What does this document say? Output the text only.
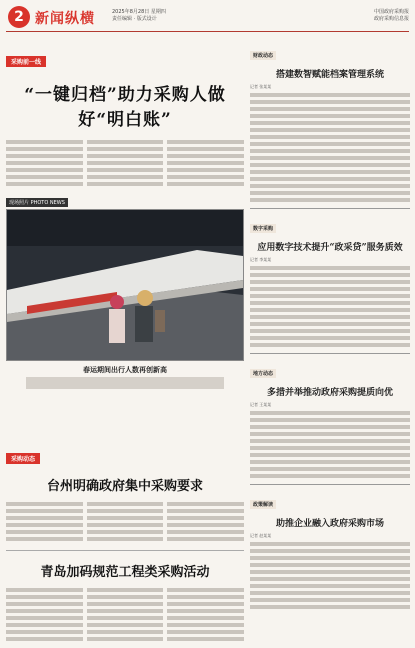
2 新闻纵横	2025年8月28日 星期四
责任编辑 · 版式设计
中国政府采购报
政府采购信息报
采购前一线
“一键归档”助力采购人做好“明白账”
现场照片 PHOTO NEWS
春运期间出行人数再创新高
财政动态
搭建数智赋能档案管理系统
记者 张某某
数字采购
应用数字技术提升“政采贷”服务质效
记者 李某某
地方动态
多措并举推动政府采购提质向优
记者 王某某
政策解读
助推企业融入政府采购市场
记者 赵某某
采购动态
台州明确政府集中采购要求
青岛加码规范工程类采购活动
